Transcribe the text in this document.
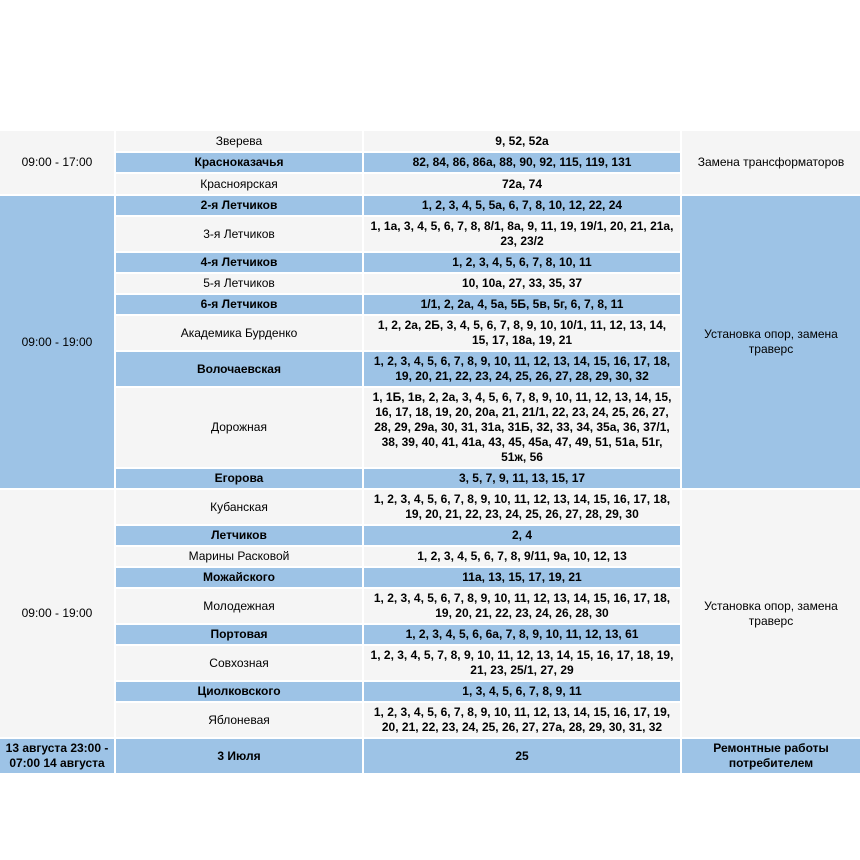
09:00 - 17:00	Зверева	9, 52, 52а	Замена трансформаторов
	Красноказачья	82, 84, 86, 86а, 88, 90, 92, 115, 119, 131	
	Красноярская	72а, 74	
09:00 - 19:00	2-я Летчиков	1, 2, 3, 4, 5, 5а, 6, 7, 8, 10, 12, 22, 24	Установка опор, замена траверс
	3-я Летчиков	1, 1а, 3, 4, 5, 6, 7, 8, 8/1, 8а, 9, 11, 19, 19/1, 20, 21, 21а, 23, 23/2	
	4-я Летчиков	1, 2, 3, 4, 5, 6, 7, 8, 10, 11	
	5-я Летчиков	10, 10а, 27, 33, 35, 37	
	6-я Летчиков	1/1, 2, 2а, 4, 5а, 5Б, 5в, 5г, 6, 7, 8, 11	
	Академика Бурденко	1, 2, 2а, 2Б, 3, 4, 5, 6, 7, 8, 9, 10, 10/1, 11, 12, 13, 14, 15, 17, 18а, 19, 21	
	Волочаевская	1, 2, 3, 4, 5, 6, 7, 8, 9, 10, 11, 12, 13, 14, 15, 16, 17, 18, 19, 20, 21, 22, 23, 24, 25, 26, 27, 28, 29, 30, 32	
	Дорожная	1, 1Б, 1в, 2, 2а, 3, 4, 5, 6, 7, 8, 9, 10, 11, 12, 13, 14, 15, 16, 17, 18, 19, 20, 20а, 21, 21/1, 22, 23, 24, 25, 26, 27, 28, 29, 29а, 30, 31, 31а, 31Б, 32, 33, 34, 35а, 36, 37/1, 38, 39, 40, 41, 41а, 43, 45, 45а, 47, 49, 51, 51а, 51г, 51ж, 56	
	Егорова	3, 5, 7, 9, 11, 13, 15, 17	
09:00 - 19:00	Кубанская	1, 2, 3, 4, 5, 6, 7, 8, 9, 10, 11, 12, 13, 14, 15, 16, 17, 18, 19, 20, 21, 22, 23, 24, 25, 26, 27, 28, 29, 30	Установка опор, замена траверс
	Летчиков	2, 4	
	Марины Расковой	1, 2, 3, 4, 5, 6, 7, 8, 9/11, 9а, 10, 12, 13	
	Можайского	11а, 13, 15, 17, 19, 21	
	Молодежная	1, 2, 3, 4, 5, 6, 7, 8, 9, 10, 11, 12, 13, 14, 15, 16, 17, 18, 19, 20, 21, 22, 23, 24, 26, 28, 30	
	Портовая	1, 2, 3, 4, 5, 6, 6а, 7, 8, 9, 10, 11, 12, 13, 61	
	Совхозная	1, 2, 3, 4, 5, 7, 8, 9, 10, 11, 12, 13, 14, 15, 16, 17, 18, 19, 21, 23, 25/1, 27, 29	
	Циолковского	1, 3, 4, 5, 6, 7, 8, 9, 11	
	Яблоневая	1, 2, 3, 4, 5, 6, 7, 8, 9, 10, 11, 12, 13, 14, 15, 16, 17, 19, 20, 21, 22, 23, 24, 25, 26, 27, 27а, 28, 29, 30, 31, 32	
13 августа 23:00 - 07:00 14 августа	3 Июля	25	Ремонтные работы потребителем
